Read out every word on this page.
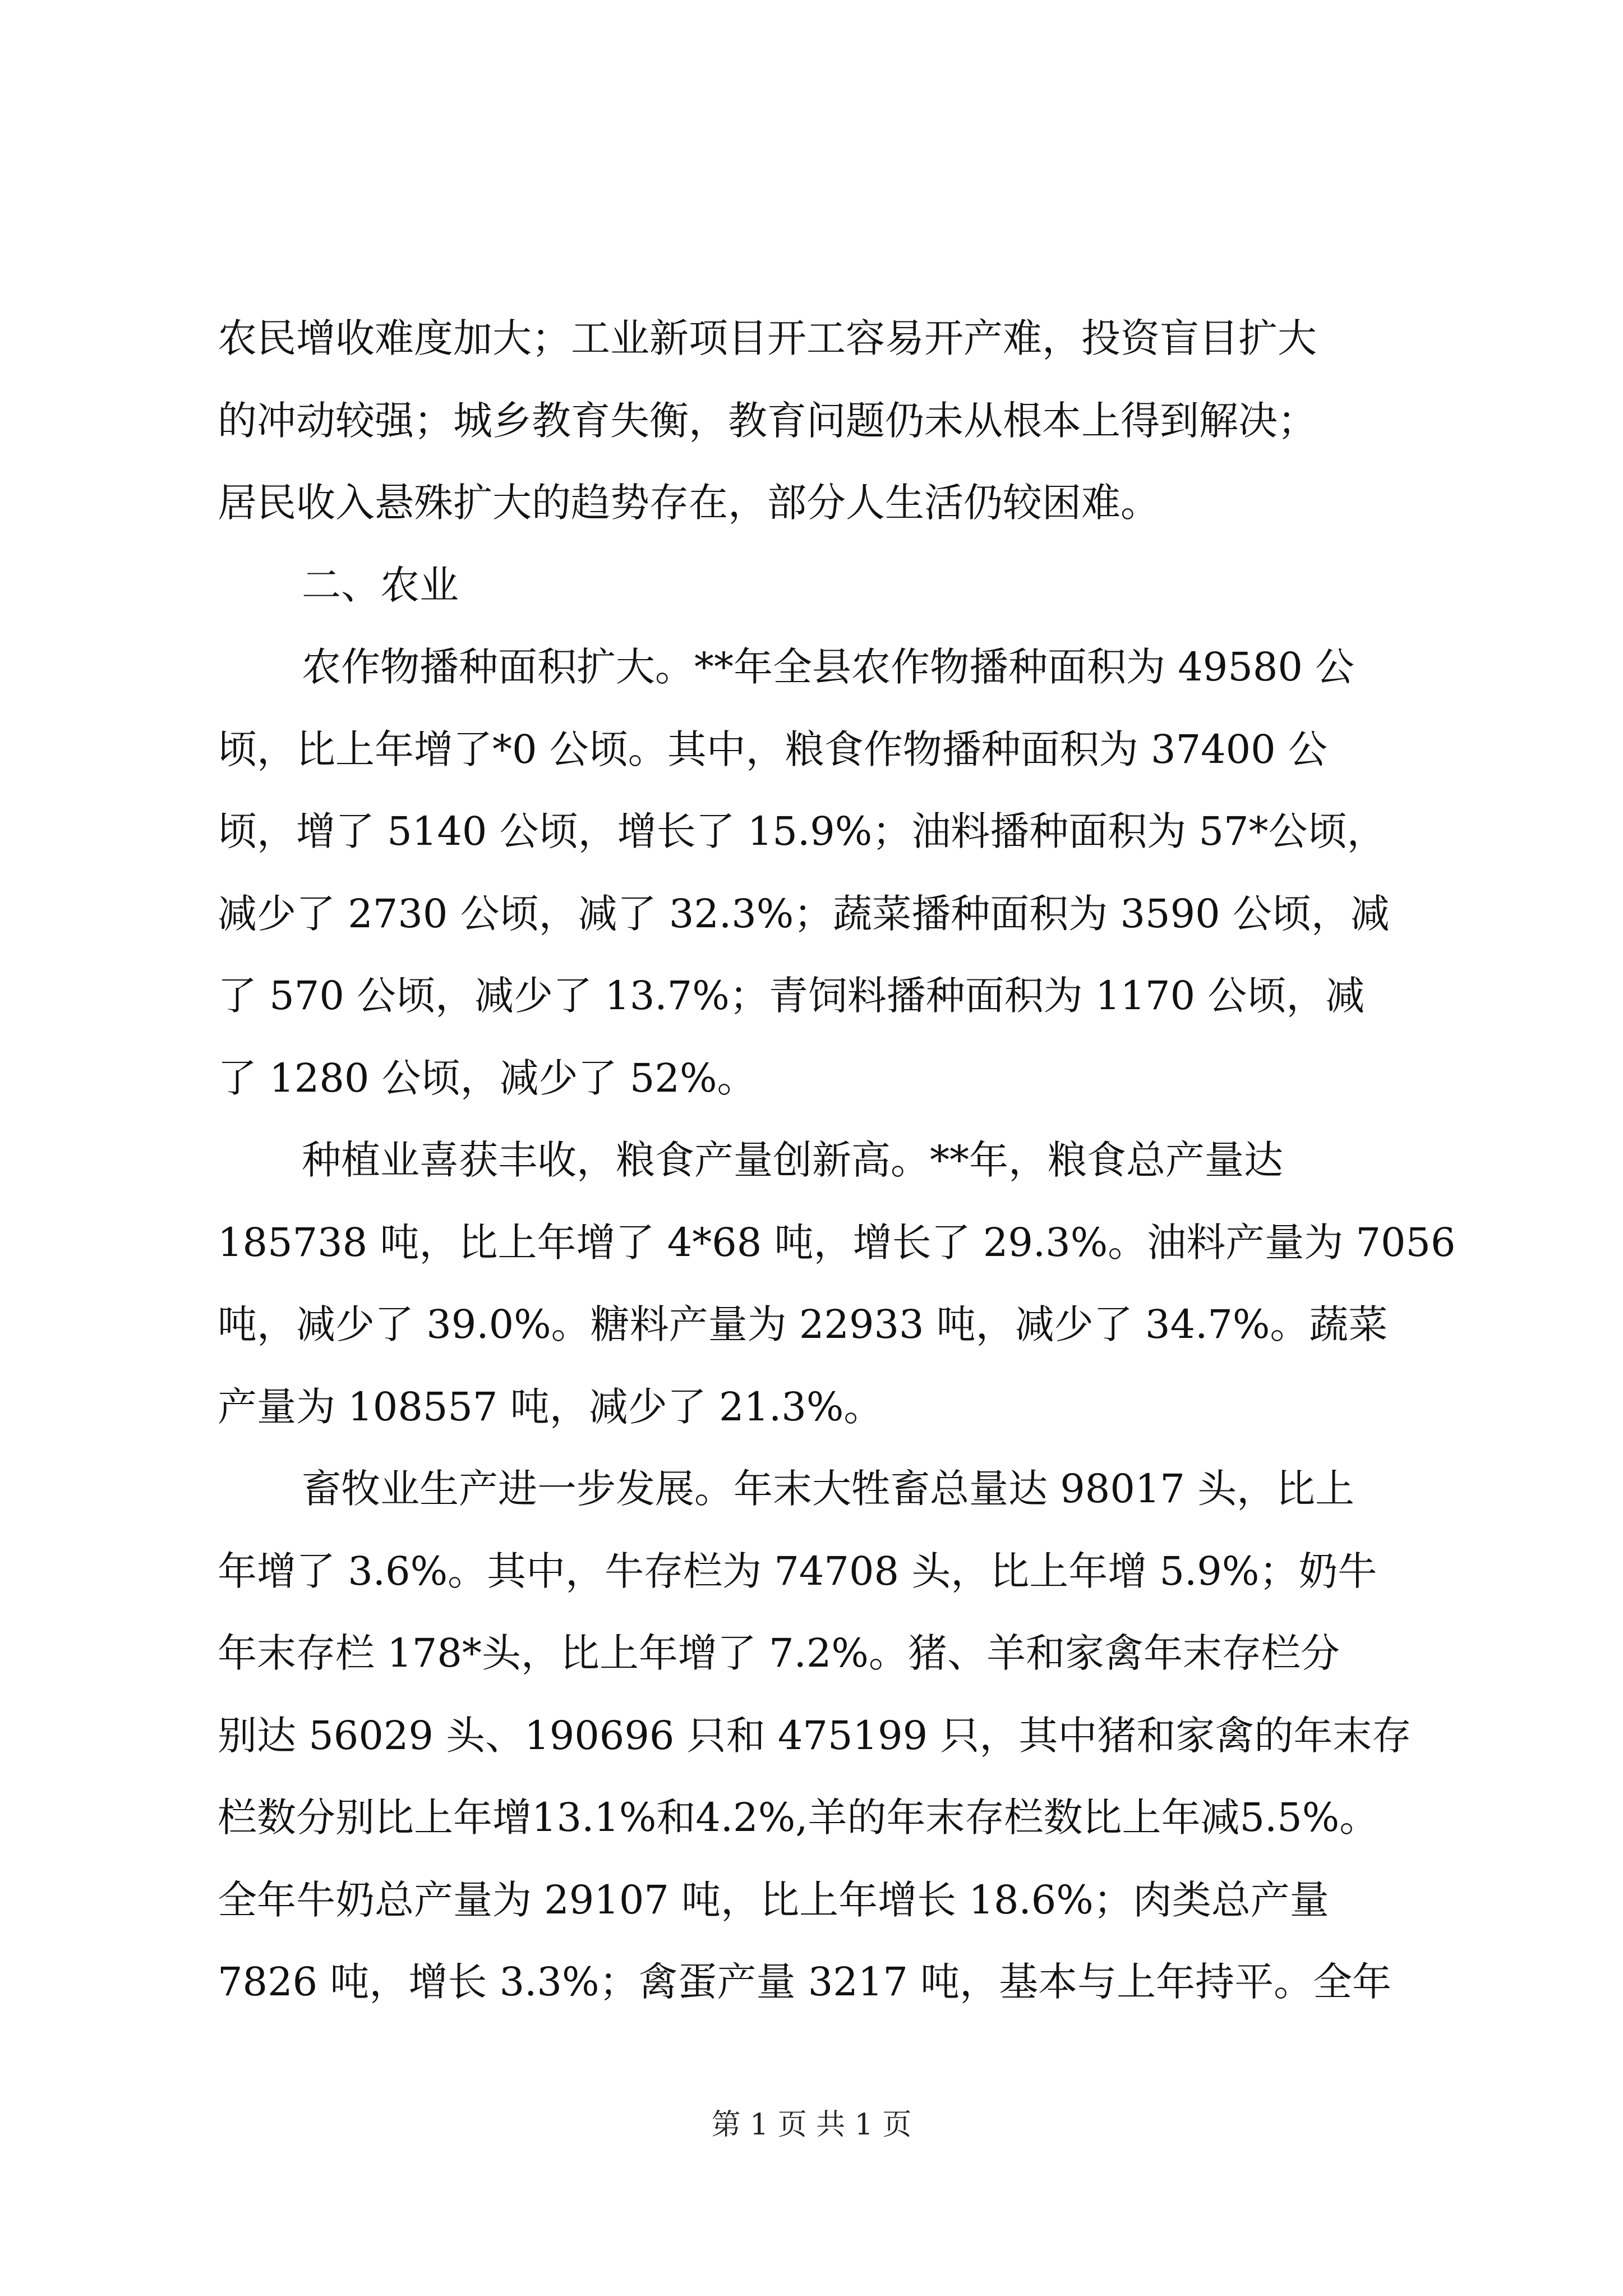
农民增收难度加大；工业新项目开工容易开产难，投资盲目扩大
的冲动较强；城乡教育失衡，教育问题仍未从根本上得到解决；
居民收入悬殊扩大的趋势存在，部分人生活仍较困难。
二、农业
农作物播种面积扩大。**年全县农作物播种面积为 49580 公
顷，比上年增了*0 公顷。其中，粮食作物播种面积为 37400 公
顷，增了 5140 公顷，增长了 15.9%；油料播种面积为 57*公顷，
减少了 2730 公顷，减了 32.3%；蔬菜播种面积为 3590 公顷，减
了 570 公顷，减少了 13.7%；青饲料播种面积为 1170 公顷，减
了 1280 公顷，减少了 52%。
种植业喜获丰收，粮食产量创新高。**年，粮食总产量达
185738 吨，比上年增了 4*68 吨，增长了 29.3%。油料产量为 7056
吨，减少了 39.0%。糖料产量为 22933 吨，减少了 34.7%。蔬菜
产量为 108557 吨，减少了 21.3%。
畜牧业生产进一步发展。年末大牲畜总量达 98017 头，比上
年增了 3.6%。其中，牛存栏为 74708 头，比上年增 5.9%；奶牛
年末存栏 178*头，比上年增了 7.2%。猪、羊和家禽年末存栏分
别达 56029 头、190696 只和 475199 只，其中猪和家禽的年末存
栏数分别比上年增13.1%和4.2%,羊的年末存栏数比上年减5.5%。
全年牛奶总产量为 29107 吨，比上年增长 18.6%；肉类总产量
7826 吨，增长 3.3%；禽蛋产量 3217 吨，基本与上年持平。全年
第 1 页 共 1 页
